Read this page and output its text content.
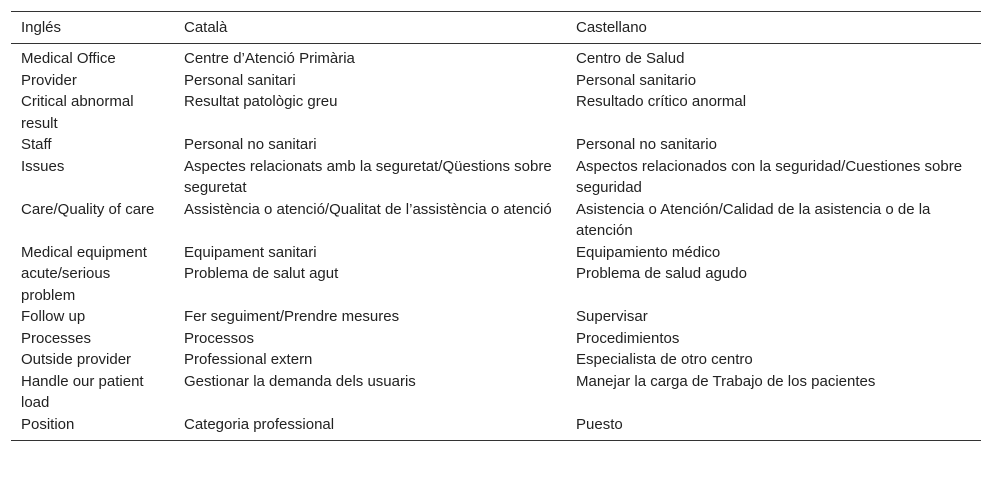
Inglés	Català	Castellano
Medical Office	Centre d’Atenció Primària	Centro de Salud
Provider	Personal sanitari	Personal sanitario
Critical abnormal result	Resultat patològic greu	Resultado crítico anormal
Staff	Personal no sanitari	Personal no sanitario
Issues	Aspectes relacionats amb la seguretat/Qüestions sobre seguretat	Aspectos relacionados con la seguridad/Cuestiones sobre seguridad
Care/Quality of care	Assistència o atenció/Qualitat de l’assistència o atenció	Asistencia o Atención/Calidad de la asistencia o de la atención
Medical equipment	Equipament sanitari	Equipamiento médico
acute/serious problem	Problema de salut agut	Problema de salud agudo
Follow up	Fer seguiment/Prendre mesures	Supervisar
Processes	Processos	Procedimientos
Outside provider	Professional extern	Especialista de otro centro
Handle our patient load	Gestionar la demanda dels usuaris	Manejar la carga de Trabajo de los pacientes
Position	Categoria professional	Puesto
